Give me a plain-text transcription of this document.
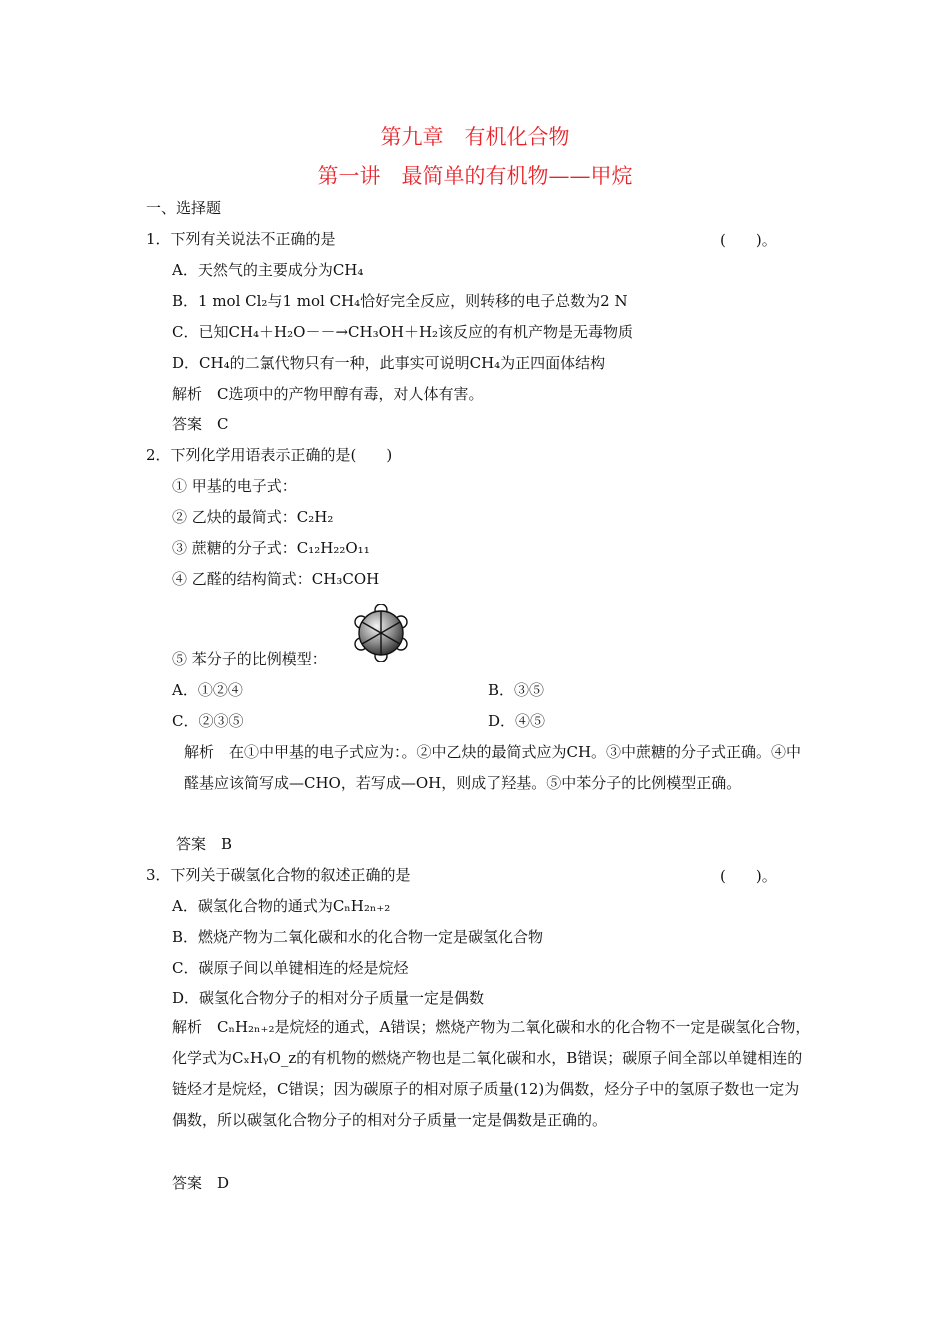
第九章　有机化合物
第一讲　最简单的有机物——甲烷
一、选择题
1．下列有关说法不正确的是	(　　)。
A．天然气的主要成分为CH₄
B．1 mol Cl₂与1 mol CH₄恰好完全反应，则转移的电子总数为2 N
C．已知CH₄＋H₂O－－→CH₃OH＋H₂该反应的有机产物是无毒物质
D．CH₄的二氯代物只有一种，此事实可说明CH₄为正四面体结构
解析　C选项中的产物甲醇有毒，对人体有害。
答案　C
2．下列化学用语表示正确的是(　　)
① 甲基的电子式：
② 乙炔的最简式：C₂H₂
③ 蔗糖的分子式：C₁₂H₂₂O₁₁
④ 乙醛的结构简式：CH₃COH
⑤ 苯分子的比例模型：
A．①②④	B．③⑤
C．②③⑤	D．④⑤
解析　在①中甲基的电子式应为：。②中乙炔的最简式应为CH。③中蔗糖的分子式正确。④中醛基应该简写成—CHO，若写成—OH，则成了羟基。⑤中苯分子的比例模型正确。
答案　B
3．下列关于碳氢化合物的叙述正确的是	(　　)。
A．碳氢化合物的通式为CₙH₂ₙ₊₂
B．燃烧产物为二氧化碳和水的化合物一定是碳氢化合物
C．碳原子间以单键相连的烃是烷烃
D．碳氢化合物分子的相对分子质量一定是偶数
解析　CₙH₂ₙ₊₂是烷烃的通式，A错误；燃烧产物为二氧化碳和水的化合物不一定是碳氢化合物，化学式为CₓHᵧO_z的有机物的燃烧产物也是二氧化碳和水，B错误；碳原子间全部以单键相连的链烃才是烷烃，C错误；因为碳原子的相对原子质量(12)为偶数，烃分子中的氢原子数也一定为偶数，所以碳氢化合物分子的相对分子质量一定是偶数是正确的。
答案　D
